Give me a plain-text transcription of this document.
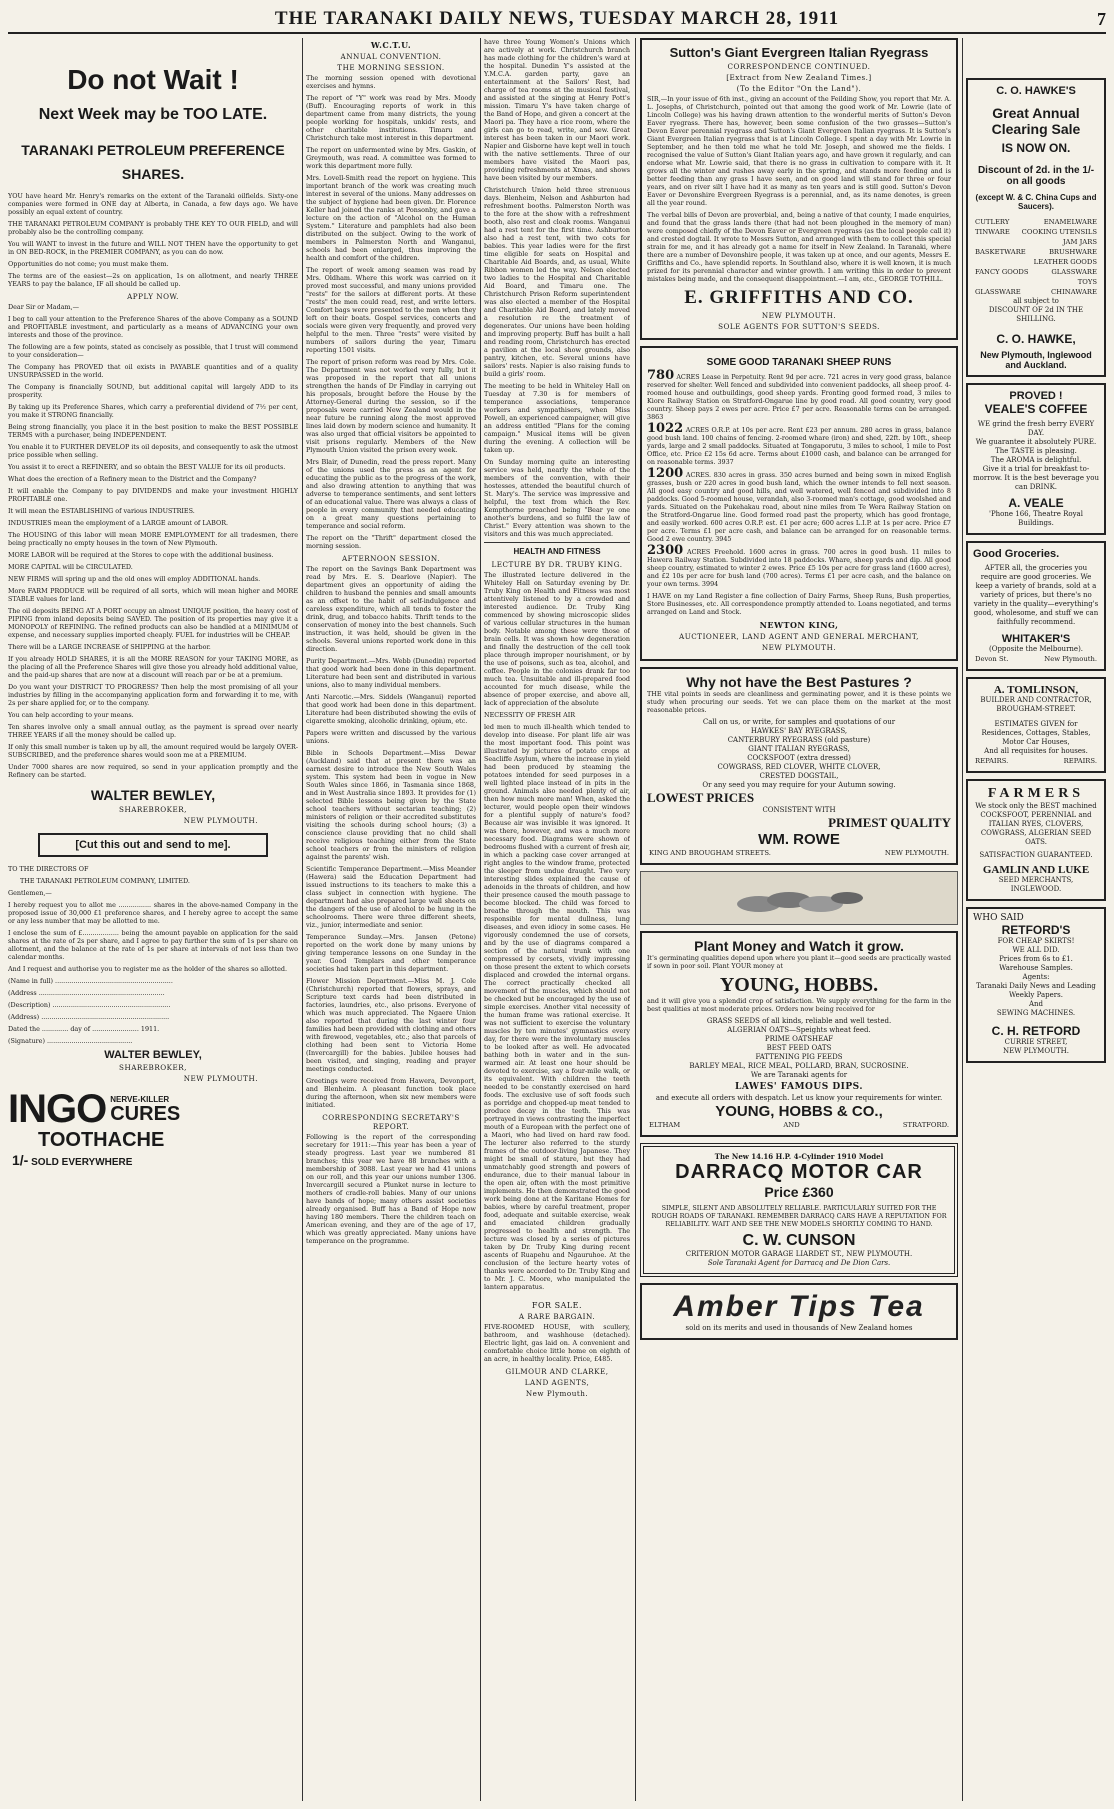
THE TARANAKI DAILY NEWS, TUESDAY MARCH 28, 1911	7
Do not Wait !
Next Week may be TOO LATE.
TARANAKI PETROLEUM PREFERENCE
SHARES.

YOU have heard Mr. Henry's remarks on the extent of the Taranaki oilfields. Sixty-one companies were formed in ONE day at Alberta, in Canada, a few days ago. We have possibly an equal extent of country.

THE TARANAKI PETROLEUM COMPANY is probably THE KEY TO OUR FIELD, and will probably also be the controlling company.

You will WANT to invest in the future and WILL NOT THEN have the opportunity to get in ON BED-ROCK, in the PREMIER COMPANY, as you can do now.

Opportunities do not come; you must make them.

The terms are of the easiest—2s on application, 1s on allotment, and nearly THREE YEARS to pay the balance, IF all should be called up.

APPLY NOW.

Dear Sir or Madam,—

I beg to call your attention to the Preference Shares of the above Company as a SOUND and PROFITABLE investment, and particularly as a means of ADVANCING your own interests and those of the province.

The following are a few points, stated as concisely as possible, that I trust will commend to your consideration—

The Company has PROVED that oil exists in PAYABLE quantities and of a quality UNSURPASSED in the world.

The Company is financially SOUND, but additional capital will largely ADD to its prosperity.

By taking up its Preference Shares, which carry a preferential dividend of 7½ per cent, you make it STRONG financially.

Being strong financially, you place it in the best position to make the BEST POSSIBLE TERMS with a purchaser, being INDEPENDENT.

You enable it to FURTHER DEVELOP its oil deposits, and consequently to ask the utmost price possible when selling.

You assist it to erect a REFINERY, and so obtain the BEST VALUE for its oil products.

What does the erection of a Refinery mean to the District and the Company?

It will enable the Company to pay DIVIDENDS and make your investment HIGHLY PROFITABLE one.

It will mean the ESTABLISHING of various INDUSTRIES.

INDUSTRIES mean the employment of a LARGE amount of LABOR.

The HOUSING of this labor will mean MORE EMPLOYMENT for all tradesmen, there being practically no empty houses in the town of New Plymouth.

MORE LABOR will be required at the Stores to cope with the additional business.

MORE CAPITAL will be CIRCULATED.

NEW FIRMS will spring up and the old ones will employ ADDITIONAL hands.

More FARM PRODUCE will be required of all sorts, which will mean higher and MORE STABLE values for land.

The oil deposits BEING AT A PORT occupy an almost UNIQUE position, the heavy cost of PIPING from inland deposits being SAVED. The position of its properties may give it a MONOPOLY of REFINING. The refined products can also be handled at a MINIMUM of expense, and necessary supplies imported cheaply. FUEL for industries will be CHEAP.

There will be a LARGE INCREASE of SHIPPING at the harbor.

If you already HOLD SHARES, it is all the MORE REASON for your TAKING MORE, as the placing of all the Preference Shares will give those you already hold additional value, and the paid-up shares that are now at a discount will reach par or be at a premium.

Do you want your DISTRICT TO PROGRESS? Then help the most promising of all your industries by filling in the accompanying application form and forwarding it to me, with 2s per share applied for, or to the company.

You can help according to your means.

Ten shares involve only a small annual outlay, as the payment is spread over nearly THREE YEARS if all the money should be called up.

If only this small number is taken up by all, the amount required would be largely OVER-SUBSCRIBED, and the preference shares would soon me at a PREMIUM.

Under 7000 shares are now required, so send in your application promptly and the Refinery can be started.

WALTER BEWLEY,
SHAREBROKER,
NEW PLYMOUTH.
[Cut this out and send to me].

TO THE DIRECTORS OF

THE TARANAKI PETROLEUM COMPANY, LIMITED.

Gentlemen,—

I hereby request you to allot me ................ shares in the above-named Company in the proposed issue of 30,000 £1 preference shares, and I hereby agree to accept the same or any less number that may be allotted to me.

I enclose the sum of £.................. being the amount payable on application for the said shares at the rate of 2s per share, and I agree to pay further the sum of 1s per share on allotment, and the balance at the rate of 1s per share at intervals of not less than two calendar months.

And I request and authorise you to register me as the holder of the shares so allotted.

(Name in full) ..........................................................

(Address ..............................................................

(Description) ..........................................................

(Address) ...............................................................

Dated the ............. day of ....................... 1911.

(Signature) ..........................................

WALTER BEWLEY,
SHAREBROKER,
NEW PLYMOUTH.
INGO NERVE-KILLER
CURES
TOOTHACHE
1/- SOLD EVERYWHERE
W.C.T.U.
ANNUAL CONVENTION.
THE MORNING SESSION.

The morning session opened with devotional exercises and hymns.

The report of "Y" work was read by Mrs. Moody (Buff). Encouraging reports of work in this department came from many districts, the young people working for hospitals, unkids' rests, and other charitable institutions. Timaru and Christchurch take most interest in this department.

The report on unfermented wine by Mrs. Gaskin, of Greymouth, was read. A committee was formed to work this department more fully.

Mrs. Lovell-Smith read the report on hygiene. This important branch of the work was creating much interest in several of the unions. Many addresses on the subject of hygiene had been given. Dr. Florence Keller had joined the ranks at Ponsonby, and gave a lecture on the action of "Alcohol on the Human System." Literature and pamphlets had also been distributed on the subject. Owing to the work of members in Palmerston North and Wanganui, schools had been enlarged, thus improving the health and comfort of the children.

The report of week among seamen was read by Mrs. Oldham. Where this work was carried on it proved most successful, and many unions provided "rests" for the sailors at different ports. At these "rests" the men could read, rest, and write letters. Comfort bags were presented to the men when they left on their boats. Gospel services, concerts and socials were given very frequently, and proved very helpful to the men. Three "rests" were visited by numbers of sailors during the year, Timaru reporting 1501 visits.

The report of prison reform was read by Mrs. Cole. The Department was not worked very fully, but it was proposed in the report that all unions strengthen the hands of Dr Findlay in carrying out his proposals, brought before the House by the Attorney-General during the session, so if the proposals were carried New Zealand would in the near future be running along the most approved lines laid down by modern science and humanity. It was also urged that official visitors be appointed to visit prisons regularly. Members of the New Plymouth Union visited the prison every week.

Mrs Blair, of Dunedin, read the press report. Many of the unions used the press as an agent for educating the public as to the progress of the work, and also drawing attention to anything that was adverse to temperance sentiments, and sent letters of an educational value. There was always a class of people in every community that needed educating on a great many questions pertaining to temperance and social reform.

The report on the "Thrift" department closed the morning session.

AFTERNOON SESSION.

The report on the Savings Bank Department was read by Mrs. E. S. Dearlove (Napier). The department gives an opportunity of aiding the children to husband the pennies and small amounts as an offset to the habit of self-indulgence and careless expenditure, which all tends to foster the drink, drug, and tobacco habits. Thrift tends to the conservation of money into the best channels. Such instruction, it was held, should be given in the schools. Several unions reported work done in this direction.

Purity Department.—Mrs. Webb (Dunedin) reported that good work had been done in this department. Literature had been sent and distributed in various unions, also to many individual members.

Anti Narcotic.—Mrs. Siddels (Wanganui) reported that good work had been done in this department. Literature had been distributed showing the evils of cigarette smoking, alcoholic drinking, opium, etc.

Papers were written and discussed by the various unions.

Bible in Schools Department.—Miss Dewar (Auckland) said that at present there was an earnest desire to introduce the New South Wales system. This system had been in vogue in New South Wales since 1866, in Tasmania since 1868, and in West Australia since 1893. It provides for (1) selected Bible lessons being given by the State school teachers without sectarian teaching; (2) ministers of religion or their accredited substitutes visiting the schools during school hours; (3) a conscience clause providing that no child shall receive religious teaching either from the State school teachers or from the ministers of religion against the parents' wish.

Scientific Temperance Department.—Miss Meander (Hawera) said the Education Department had issued instructions to its teachers to make this a class subject in connection with hygiene. The department had also prepared large wall sheets on the dangers of the use of alcohol to be hung in the schoolrooms. There were three different sheets, viz., junior, intermediate and senior.

Temperance Sunday.—Mrs. Jansen (Petone) reported on the work done by many unions by giving temperance lessons on one Sunday in the year. Good Templars and other temperance societies had taken part in this department.

Flower Mission Department.—Miss M. J. Cole (Christchurch) reported that flowers, sprays, and Scripture text cards had been distributed in factories, laundries, etc., also prisons. Everyone of which was much appreciated. The Ngaere Union also reported that during the last winter four families had been provided with clothing and others with firewood, vegetables, etc.; also that parcels of clothing had been sent to Victoria Home (Invercargill) for the babies. Jubilee houses had been visited, and singing, reading and prayer meetings conducted.

Greetings were received from Hawera, Devonport, and Blenheim. A pleasant function took place during the afternoon, when six new members were initiated.

CORRESPONDING SECRETARY'S REPORT.

Following is the report of the corresponding secretary for 1911:—This year has been a year of steady progress. Last year we numbered 81 branches; this year we have 88 branches with a membership of 3088. Last year we had 41 unions on our roll, and this year our unions number 1306. Invercargill secured a Plunket nurse in lecture to mothers of cradle-roll babies. Many of our unions have bands of hope; many others assist societies already organised. Buff has a Band of Hope now having 180 members. There the children teach on American evening, and they are of the age of 17, which was greatly appreciated. Many unions have temperance on the programme.

have three Young Women's Unions which are actively at work. Christchurch branch has made clothing for the children's ward at the hospital. Dunedin Y's assisted at the Y.M.C.A. garden party, gave an entertainment at the Sailors' Rest, had charge of tea rooms at the musical festival, and assisted at the singing at Henry Pott's mission. Timaru Y's have taken charge of the Band of Hope, and given a concert at the Maori pa. They have a rice room, where the girls can go to read, write, and sew. Great interest has been taken in our Maori work. Napier and Gisborne have kept well in touch with the native settlements. Three of our members have visited the Maori pas, providing refreshments at Xmas, and shows have been visited by our members.

Christchurch Union held three strenuous days. Blenheim, Nelson and Ashburton had refreshment booths. Palmerston North was to the fore at the show with a refreshment booth, also rest and cloak rooms. Wanganui had a rest tent for the first time. Ashburton also had a rest tent, with two cots for babies. This year ladies were for the first time eligible for seats on Hospital and Charitable Aid Boards, and, as usual, White Ribbon women led the way. Nelson elected two ladies to the Hospital and Charitable Aid Board, and Timaru one. The Christchurch Prison Reform superintendent was also elected a member of the Hospital and Charitable Aid Board, and lately moved a resolution re the treatment of degenerates. Our unions have been holding and improving property. Buff has built a hall and reading room, Christchurch has erected a pavilion at the local show grounds, also pantry, kitchen, etc. Several unions have sailors' rests. Napier is also raising funds to build a girls' room.

The meeting to be held in Whiteley Hall on Tuesday at 7.30 is for members of temperance associations, temperance workers and sympathisers, when Miss Powell, an experienced campaigner, will give an address entitled "Plans for the coming campaign." Musical items will be given during the evening. A collection will be taken up.

On Sunday morning quite an interesting service was held, nearly the whole of the members of the convention, with their hostesses, attended the beautiful church of St. Mary's. The service was impressive and helpful, the text from which the Rev. Kempthorne preached being "Bear ye one another's burdens, and so fulfil the law of Christ." Every attention was shown to the visitors and this was much appreciated.

HEALTH AND FITNESS
LECTURE BY DR. TRUBY KING.

The illustrated lecture delivered in the Whiteley Hall on Saturday evening by Dr. Truby King on Health and Fitness was most attentively listened to by a crowded and interested audience. Dr. Truby King commenced by showing microscopic slides of various cellular structures in the human body. Notable among these were those of brain cells. It was shown how degeneration and finally the destruction of the cell took place through improper nourishment, or by the use of poisons, such as tea, alcohol, and coffee. People in the colonies drank far too much tea. Unsuitable and ill-prepared food accounted for much disease, while the absence of proper exercise, and above all, lack of appreciation of the absolute

NECESSITY OF FRESH AIR

led men to much ill-health which tended to develop into disease. For plant life air was the most important food. This point was illustrated by pictures of potato crops at Seacliffe Asylum, where the increase in yield had been produced by steaming the potatoes intended for seed purposes in a well lighted place instead of in pits in the ground. Animals also needed plenty of air, then how much more man! When, asked the lecturer, would people open their windows for a plentiful supply of nature's food? Because air was invisible it was ignored. It was there, however, and was a much more necessary food. Diagrams were shown of bedrooms flushed with a current of fresh air, in which a packing case cover arranged at right angles to the window frame, protected the sleeper from undue draught. Two very interesting slides explained the cause of adenoids in the throats of children, and how their presence caused the mouth passage to become blocked. The child was forced to breathe through the mouth. This was responsible for mental dullness, lung diseases, and even idiocy in some cases. He vigorously condemned the use of corsets, and by the use of diagrams compared a section of the natural trunk with one compressed by corsets, vividly impressing on those present the extent to which corsets displaced and crowded the internal organs. The correct practically checked all movement of the muscles, which should not be checked but be encouraged by the use of simple exercises. Another vital necessity of the human frame was rational exercise. It was not sufficient to exercise the voluntary muscles by ten minutes' gymnastics every day, for there were the involuntary muscles to be looked after as well. He advocated bathing both in water and in the sun-warmed air. At least one hour should be devoted to exercise, say a four-mile walk, or its equivalent. With children the teeth needed to be constantly exercised on hard foods. The exclusive use of soft foods such as porridge and chopped-up meat tended to produce decay in the teeth. This was portrayed in views contrasting the imperfect mouth of a European with the perfect one of a Maori, who had lived on hard raw food. The lecturer also referred to the sturdy frames of the outdoor-living Japanese. They might be small of stature, but they had unmatchably good strength and powers of endurance, due to their manual labour in the open air, often with the most primitive implements. He then demonstrated the good work being done at the Karitane Homes for babies, where by careful treatment, proper food, adequate and suitable exercise, weak and emaciated children gradually progressed to health and strength. The lecture was closed by a series of pictures taken by Dr. Truby King during recent ascents of Ruapehu and Ngauruhoe. At the conclusion of the lecture hearty votes of thanks were accorded to Dr. Truby King and to Mr. J. C. Moore, who manipulated the lantern apparatus.

FOR SALE.
A RARE BARGAIN.

FIVE-ROOMED HOUSE, with scullery, bathroom, and washhouse (detached). Electric light, gas laid on. A convenient and comfortable choice little home on eighth of an acre, in healthy locality. Price, £485.

GILMOUR AND CLARKE,
LAND AGENTS,
New Plymouth.
Sutton's Giant Evergreen Italian Ryegrass
CORRESPONDENCE CONTINUED.
[Extract from New Zealand Times.]
(To the Editor "On the Land").

SIR,—In your issue of 6th inst., giving an account of the Feilding Show, you report that Mr. A. L. Josephs, of Christchurch, pointed out that among the good work of Mr. Lowrie (late of Lincoln College) was his having drawn attention to the wonderful merits of Sutton's Devon Eaver ryegrass. There has, however, been some confusion of the two grasses—Sutton's Devon Eaver perennial ryegrass and Sutton's Giant Evergreen Italian ryegrass. It is Sutton's Giant Evergreen Italian ryegrass that is at Lincoln College. I spent a day with Mr. Lowrie in September, and he then told me what he told Mr. Joseph, and showed me the fields. I recognised the value of Sutton's Giant Italian years ago, and have grown it regularly, and can endorse what Mr. Lowrie said, that there is no grass in cultivation to compare with it. It grows all the winter and rushes away early in the spring, and stands more feeding and is better feeding than any grass I have seen, and on good land will stand for three or four years, and on river silt I have had it as many as ten years and is still good. Sutton's Devon Eaver or Devonshire Evergreen Ryegrass is a perennial, and, as its name denotes, is green all the year round.

The verbal bills of Devon are proverbial, and, being a native of that county, I made enquiries, and found that the grass lands there (that had not been ploughed in the memory of man) were composed chiefly of the Devon Eaver or Evergreen ryegrass (as the local people call it) and crested dogtail. It wrote to Messrs Sutton, and arranged with them to collect this special strain for me, and it has already got a name for itself in New Zealand. In Taranaki, where there are a number of Devonshire people, it was taken up at once, and our agents, Messrs E. Griffiths and Co., have splendid reports. In Southland also, where it is well known, it is much prized for its perennial character and winter growth. I am writing this in order to prevent mistakes being made, and the consequent disappointment.—I am, etc., GEORGE TOTHILL.

E. GRIFFITHS AND CO.
NEW PLYMOUTH.
SOLE AGENTS FOR SUTTON'S SEEDS.
SOME GOOD TARANAKI SHEEP RUNS

780 ACRES Lease in Perpetuity. Rent 9d per acre. 721 acres in very good grass, balance reserved for shelter. Well fenced and subdivided into convenient paddocks, all sheep proof. 4-roomed house and outbuildings, good sheep yards. Fronting good formed road, 3 miles to Kiore Railway Station on Stratford-Ongarue line by good road. All good country, very good country. Sheep pays 2 ewes per acre. Price £7 per acre. Reasonable terms can be arranged. 3863

1022 ACRES O.R.P. at 10s per acre. Rent £23 per annum. 280 acres in grass, balance good bush land. 100 chains of fencing. 2-roomed whare (iron) and shed, 22ft. by 10ft., sheep yards, large and 2 small paddocks. Situated at Tongaporutu, 3 miles to school, 1 mile to Post Office, etc. Price £2 15s 6d acre. Terms about £1000 cash, and balance can be arranged for on reasonable terms. 3937

1200 ACRES. 830 acres in grass. 350 acres burned and being sown in mixed English grasses, bush or 220 acres in good bush land, which the owner intends to fell next season. All good easy country and good hills, and well watered, well fenced and subdivided into 8 paddocks. Good 5-roomed house, verandah, also 3-roomed man's cottage, good woolshed and yards. Situated on the Pukehakau road, about nine miles from Te Wera Railway Station on the Stratford-Ongarue line. Good formed road past the property, which has good frontage, and easily worked. 600 acres O.R.P. est. £1 per acre; 600 acres L.I.P. at 1s per acre. Price £7 per acre. Terms £1 per acre cash, and balance can be arranged for on reasonable terms. Good 2 ewe country. 3945

2300 ACRES Freehold. 1600 acres in grass. 700 acres in good bush. 11 miles to Hawera Railway Station. Subdivided into 18 paddocks. Whare, sheep yards and dip. All good sheep country, estimated to winter 2 ewes. Price £5 10s per acre for grass land (1600 acres), and £2 10s per acre for bush land (700 acres). Terms £1 per acre cash, and the balance on your own terms. 3994

I HAVE on my Land Register a fine collection of Dairy Farms, Sheep Runs, Bush properties, Store Businesses, etc. All correspondence promptly attended to. Loans negotiated, and terms arranged on Land and Stock.

NEWTON KING,
AUCTIONEER, LAND AGENT AND GENERAL MERCHANT,
NEW PLYMOUTH.
Why not have the Best Pastures ?

THE vital points in seeds are cleanliness and germinating power, and it is these points we study when procuring our seeds. Yet we can place them on the market at the most reasonable prices.

Call on us, or write, for samples and quotations of our
HAWKES' BAY RYEGRASS,
CANTERBURY RYEGRASS (old pasture)
GIANT ITALIAN RYEGRASS,
COCKSFOOT (extra dressed)
COWGRASS, RED CLOVER, WHITE CLOVER,
CRESTED DOGSTAIL,
Or any seed you may require for your Autumn sowing.
LOWEST PRICES
CONSISTENT WITH
PRIMEST QUALITY
WM. ROWE
KING AND BROUGHAM STREETS.	NEW PLYMOUTH.
Plant Money and Watch it grow.

It's germinating qualities depend upon where you plant it—good seeds are practically wasted if sown in poor soil. Plant YOUR money at

YOUNG, HOBBS.

and it will give you a splendid crop of satisfaction. We supply everything for the farm in the best qualities at most moderate prices. Orders now being received for

GRASS SEEDS of all kinds, reliable and well tested.
ALGERIAN OATS—Speights wheat feed.
PRIME OATSHEAF
BEST FEED OATS
FATTENING PIG FEEDS
BARLEY MEAL, RICE MEAL, POLLARD, BRAN, SUCROSINE.
We are Taranaki agents for
LAWES' FAMOUS DIPS.
and execute all orders with despatch. Let us know your requirements for winter.
YOUNG, HOBBS & CO.,
ELTHAM	AND	STRATFORD.
The New 14.16 H.P. 4-Cylinder 1910 Model
DARRACQ MOTOR CAR
Price £360

SIMPLE, SILENT AND ABSOLUTELY RELIABLE. PARTICULARLY SUITED FOR THE ROUGH ROADS OF TARANAKI. REMEMBER DARRACQ CARS HAVE A REPUTATION FOR RELIABILITY. WAIT AND SEE THE NEW MODELS SHORTLY COMING TO HAND.

C. W. CUNSON
CRITERION MOTOR GARAGE LIARDET ST., NEW PLYMOUTH.
Sole Taranaki Agent for Darracq and De Dion Cars.
Amber Tips Tea
sold on its merits and used in thousands of New Zealand homes
C. O. HAWKE'S
Great Annual
Clearing Sale
IS NOW ON.
Discount of 2d. in the 1/- on all goods
(except W. & C. China Cups and Saucers).
CUTLERY	ENAMELWARE
TINWARE COOKING UTENSILS
JAM JARS
BASKETWARE	BRUSHWARE
LEATHER GOODS
FANCY GOODS	GLASSWARE
TOYS
GLASSWARE	CHINAWARE
all subject to
DISCOUNT OF 2d IN THE SHILLING.
C. O. HAWKE,
New Plymouth, Inglewood and Auckland.
PROVED !
VEALE'S COFFEE
WE grind the fresh berry EVERY DAY.
We guarantee it absolutely PURE.
The TASTE is pleasing.
The AROMA is delightful.
Give it a trial for breakfast to-morrow. It is the best beverage you can DRINK.
A. VEALE
'Phone 166, Theatre Royal Buildings.
Good Groceries.
AFTER all, the groceries you require are good groceries. We keep a variety of brands, sold at a variety of prices, but there's no variety in the quality—everything's good, wholesome, and stuff we can faithfully recommend.
WHITAKER'S
(Opposite the Melbourne).
Devon St.	New Plymouth.
A. TOMLINSON,
BUILDER AND CONTRACTOR,
BROUGHAM-STREET.
ESTIMATES GIVEN for Residences, Cottages, Stables, Motor Car Houses,
And all requisites for houses.
REPAIRS.	REPAIRS.
FARMERS
We stock only the BEST machined COCKSFOOT, PERENNIAL and ITALIAN RYES, CLOVERS, COWGRASS, ALGERIAN SEED OATS.
SATISFACTION GUARANTEED.
GAMLIN AND LUKE
SEED MERCHANTS,
INGLEWOOD.
WHO SAID
RETFORD'S
FOR CHEAP SKIRTS!
WE ALL DID.
Prices from 6s to £1.
Warehouse Samples.
Agents:
Taranaki Daily News and Leading Weekly Papers.
And
SEWING MACHINES.
C. H. RETFORD
CURRIE STREET,
NEW PLYMOUTH.
